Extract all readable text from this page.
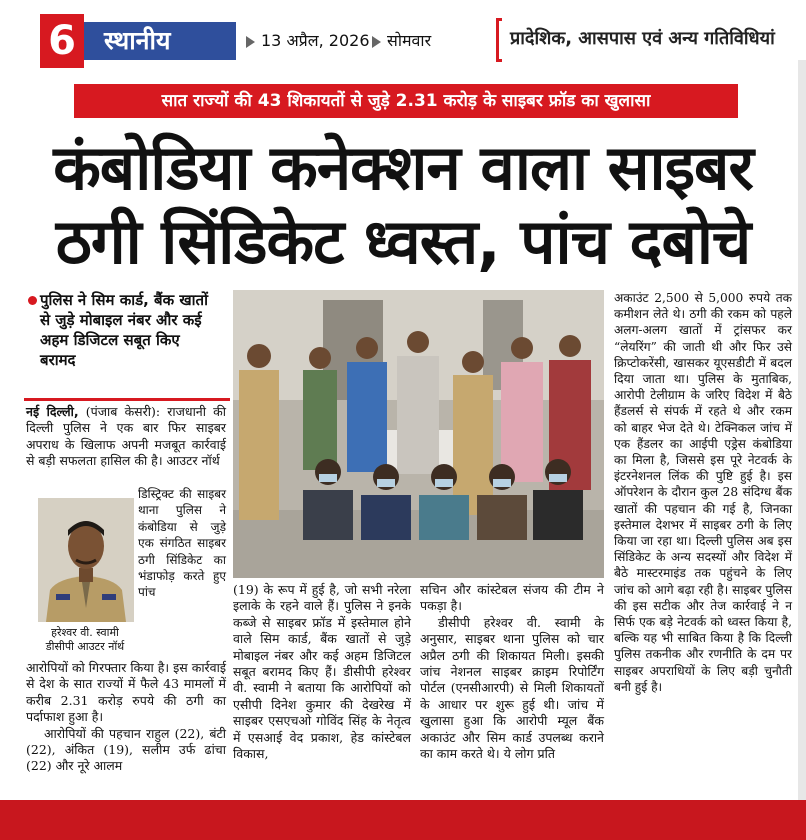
6	स्थानीय	13 अप्रैल, 2026	सोमवार	प्रादेशिक, आसपास एवं अन्य गतिविधियां
सात राज्यों की 43 शिकायतों से जुड़े 2.31 करोड़ के साइबर फ्रॉड का खुलासा
कंबोडिया कनेक्शन वाला साइबर
ठगी सिंडिकेट ध्वस्त, पांच दबोचे
पुलिस ने सिम कार्ड, बैंक खातों से जुड़े मोबाइल नंबर और कई अहम डिजिटल सबूत किए बरामद

नई दिल्ली, (पंजाब केसरी): राजधानी की दिल्ली पुलिस ने एक बार फिर साइबर अपराध के खिलाफ अपनी मजबूत कार्रवाई से बड़ी सफलता हासिल की है। आउटर नॉर्थ

डिस्ट्रिक्ट की साइबर थाना पुलिस ने कंबोडिया से जुड़े एक संगठित साइबर ठगी सिंडिकेट का भंडाफोड़ करते हुए पांच
हरेश्वर वी. स्वामी
डीसीपी आउटर नॉर्थ

आरोपियों को गिरफ्तार किया है। इस कार्रवाई से देश के सात राज्यों में फैले 43 मामलों में करीब 2.31 करोड़ रुपये की ठगी का पर्दाफाश हुआ है।

आरोपियों की पहचान राहुल (22), बंटी (22), अंकित (19), सलीम उर्फ ढांचा (22) और नूरे आलम

(19) के रूप में हुई है, जो सभी नरेला इलाके के रहने वाले हैं। पुलिस ने इनके कब्जे से साइबर फ्रॉड में इस्तेमाल होने वाले सिम कार्ड, बैंक खातों से जुड़े मोबाइल नंबर और कई अहम डिजिटल सबूत बरामद किए हैं। डीसीपी हरेश्वर वी. स्वामी ने बताया कि आरोपियों को एसीपी दिनेश कुमार की देखरेख में साइबर एसएचओ गोविंद सिंह के नेतृत्व में एसआई वेद प्रकाश, हेड कांस्टेबल विकास,

सचिन और कांस्टेबल संजय की टीम ने पकड़ा है।

डीसीपी हरेश्वर वी. स्वामी के अनुसार, साइबर थाना पुलिस को चार अप्रैल ठगी की शिकायत मिली। इसकी जांच नेशनल साइबर क्राइम रिपोर्टिंग पोर्टल (एनसीआरपी) से मिली शिकायतों के आधार पर शुरू हुई थी। जांच में खुलासा हुआ कि आरोपी म्यूल बैंक अकाउंट और सिम कार्ड उपलब्ध कराने का काम करते थे। ये लोग प्रति

अकाउंट 2,500 से 5,000 रुपये तक कमीशन लेते थे। ठगी की रकम को पहले अलग-अलग खातों में ट्रांसफर कर “लेयरिंग” की जाती थी और फिर उसे क्रिप्टोकरेंसी, खासकर यूएसडीटी में बदल दिया जाता था। पुलिस के मुताबिक, आरोपी टेलीग्राम के जरिए विदेश में बैठे हैंडलर्स से संपर्क में रहते थे और रकम को बाहर भेज देते थे। टेक्निकल जांच में एक हैंडलर का आईपी एड्रेस कंबोडिया का मिला है, जिससे इस पूरे नेटवर्क के इंटरनेशनल लिंक की पुष्टि हुई है। इस ऑपरेशन के दौरान कुल 28 संदिग्ध बैंक खातों की पहचान की गई है, जिनका इस्तेमाल देशभर में साइबर ठगी के लिए किया जा रहा था। दिल्ली पुलिस अब इस सिंडिकेट के अन्य सदस्यों और विदेश में बैठे मास्टरमाइंड तक पहुंचने के लिए जांच को आगे बढ़ा रही है। साइबर पुलिस की इस सटीक और तेज कार्रवाई ने न सिर्फ एक बड़े नेटवर्क को ध्वस्त किया है, बल्कि यह भी साबित किया है कि दिल्ली पुलिस तकनीक और रणनीति के दम पर साइबर अपराधियों के लिए बड़ी चुनौती बनी हुई है।
